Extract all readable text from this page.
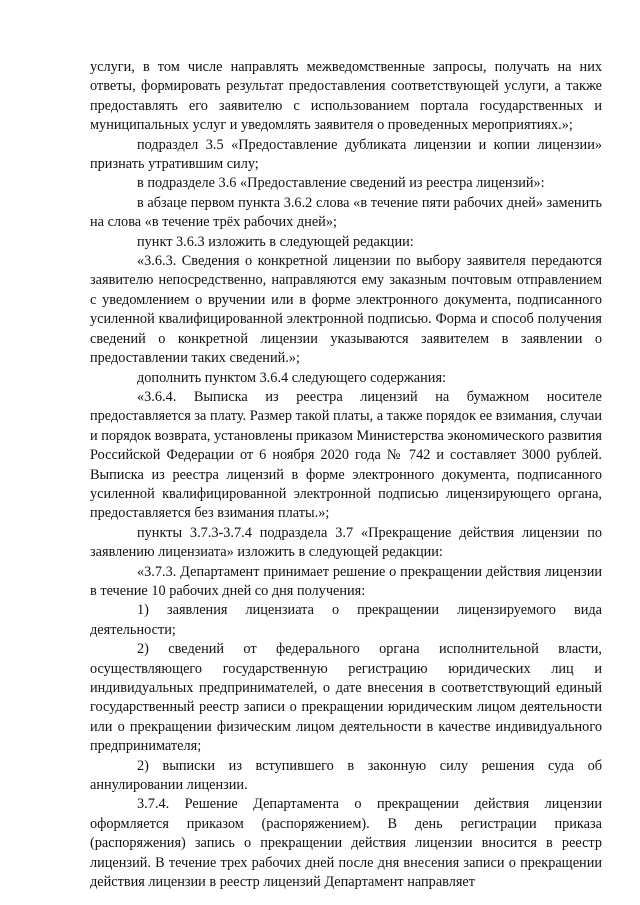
услуги, в том числе направлять межведомственные запросы, получать на них ответы, формировать результат предоставления соответствующей услуги, а также предоставлять его заявителю с использованием портала государственных и муниципальных услуг и уведомлять заявителя о проведенных мероприятиях.»;

подраздел 3.5 «Предоставление дубликата лицензии и копии лицензии» признать утратившим силу;

в подразделе 3.6 «Предоставление сведений из реестра лицензий»:

в абзаце первом пункта 3.6.2 слова «в течение пяти рабочих дней» заменить на слова «в течение трёх рабочих дней»;

пункт 3.6.3 изложить в следующей редакции:

«3.6.3. Сведения о конкретной лицензии по выбору заявителя передаются заявителю непосредственно, направляются ему заказным почтовым отправлением с уведомлением о вручении или в форме электронного документа, подписанного усиленной квалифицированной электронной подписью. Форма и способ получения сведений о конкретной лицензии указываются заявителем в заявлении о предоставлении таких сведений.»;

дополнить пунктом 3.6.4 следующего содержания:

«3.6.4. Выписка из реестра лицензий на бумажном носителе предоставляется за плату. Размер такой платы, а также порядок ее взимания, случаи и порядок возврата, установлены приказом Министерства экономического развития Российской Федерации от 6 ноября 2020 года № 742 и составляет 3000 рублей. Выписка из реестра лицензий в форме электронного документа, подписанного усиленной квалифицированной электронной подписью лицензирующего органа, предоставляется без взимания платы.»;

пункты 3.7.3-3.7.4 подраздела 3.7 «Прекращение действия лицензии по заявлению лицензиата» изложить в следующей редакции:

«3.7.3. Департамент принимает решение о прекращении действия лицензии в течение 10 рабочих дней со дня получения:

1) заявления лицензиата о прекращении лицензируемого вида деятельности;

2) сведений от федерального органа исполнительной власти, осуществляющего государственную регистрацию юридических лиц и индивидуальных предпринимателей, о дате внесения в соответствующий единый государственный реестр записи о прекращении юридическим лицом деятельности или о прекращении физическим лицом деятельности в качестве индивидуального предпринимателя;

2) выписки из вступившего в законную силу решения суда об аннулировании лицензии.

3.7.4. Решение Департамента о прекращении действия лицензии оформляется приказом (распоряжением). В день регистрации приказа (распоряжения) запись о прекращении действия лицензии вносится в реестр лицензий. В течение трех рабочих дней после дня внесения записи о прекращении действия лицензии в реестр лицензий Департамент направляет
